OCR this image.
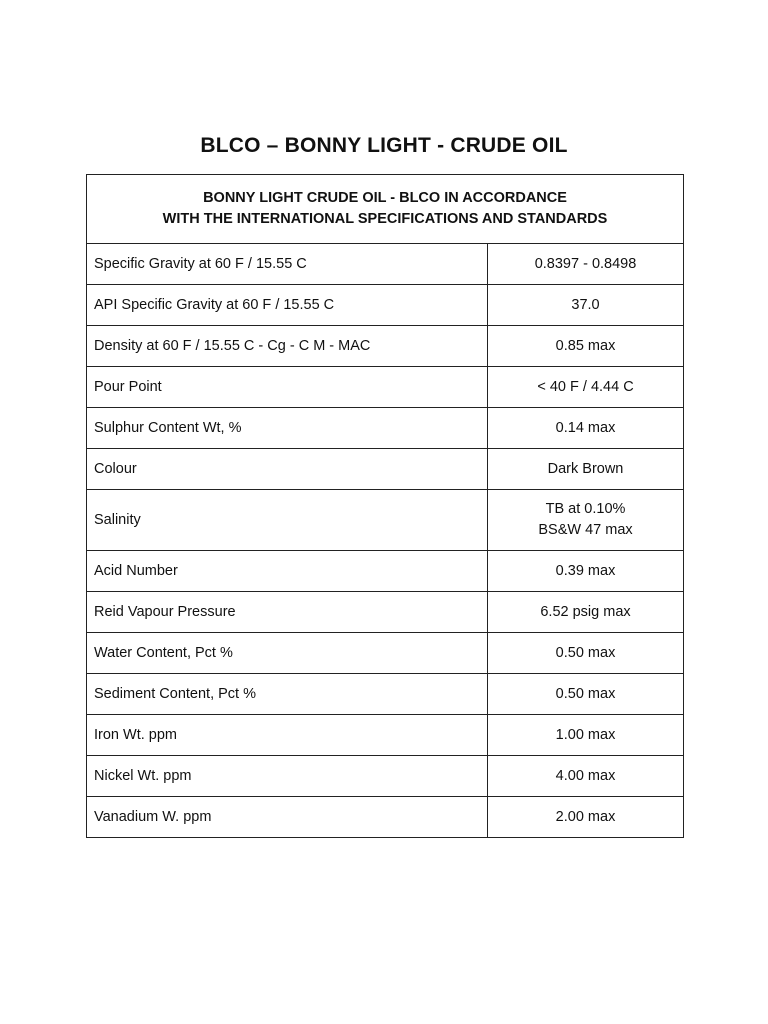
BLCO – BONNY LIGHT - CRUDE OIL
BONNY LIGHT CRUDE OIL - BLCO IN ACCORDANCE
WITH THE INTERNATIONAL SPECIFICATIONS AND STANDARDS	

Specific Gravity at 60 F / 15.55 C	0.8397 - 0.8498
API Specific Gravity at 60 F / 15.55 C	37.0
Density at 60 F / 15.55 C - Cg - C M - MAC	0.85 max
Pour Point	< 40 F / 4.44 C
Sulphur Content Wt, %	0.14 max
Colour	Dark Brown
Salinity	TB at 0.10%
BS&W 47 max

Acid Number	0.39 max
Reid Vapour Pressure	6.52 psig max
Water Content, Pct %	0.50 max
Sediment Content, Pct %	0.50 max
Iron Wt. ppm	1.00 max
Nickel Wt. ppm	4.00 max
Vanadium W. ppm	2.00 max
